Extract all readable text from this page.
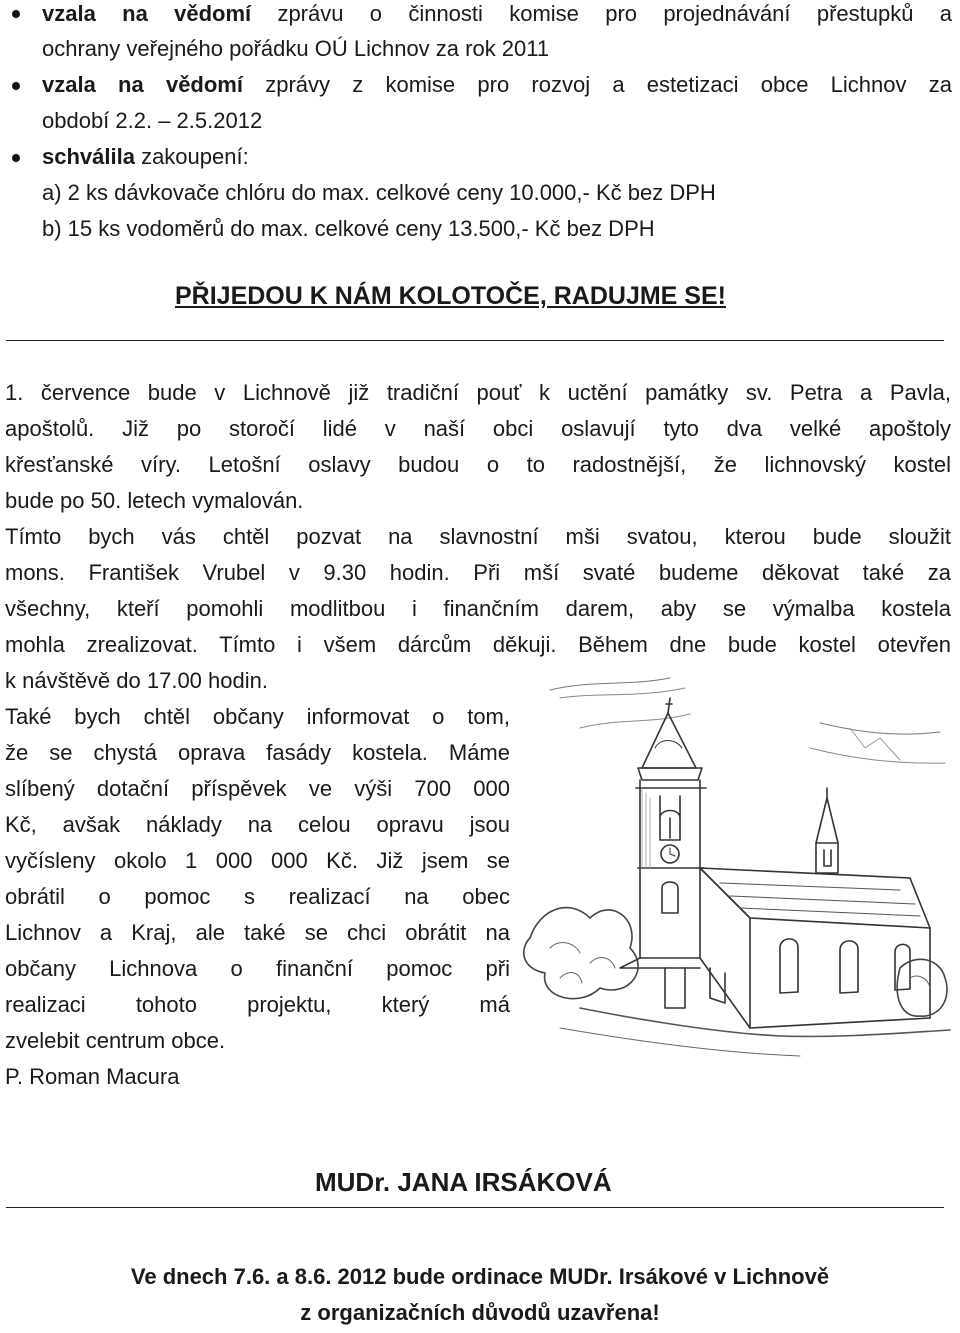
vzala na vědomí zprávu o činnosti komise pro projednávání přestupků a
ochrany veřejného pořádku OÚ Lichnov za rok 2011
vzala na vědomí zprávy z komise pro rozvoj a estetizaci obce Lichnov za
období 2.2. – 2.5.2012
schválila zakoupení:
a) 2 ks dávkovače chlóru do max. celkové ceny 10.000,- Kč bez DPH
b) 15 ks vodoměrů do max. celkové ceny 13.500,- Kč bez DPH
PŘIJEDOU K NÁM KOLOTOČE, RADUJME SE!
1. července bude v Lichnově již tradiční pouť k uctění památky sv. Petra a Pavla,
apoštolů. Již po storočí lidé v naší obci oslavují tyto dva velké apoštoly
křesťanské víry. Letošní oslavy budou o to radostnější, že lichnovský kostel
bude po 50. letech vymalován.
Tímto bych vás chtěl pozvat na slavnostní mši svatou, kterou bude sloužit
mons. František Vrubel v 9.30 hodin. Při mší svaté budeme děkovat také za
všechny, kteří pomohli modlitbou i finančním darem, aby se výmalba kostela
mohla zrealizovat. Tímto i všem dárcům děkuji. Během dne bude kostel otevřen
k návštěvě do 17.00 hodin.
Také bych chtěl občany informovat o tom,
že se chystá oprava fasády kostela. Máme
slíbený dotační příspěvek ve výši 700 000
Kč, avšak náklady na celou opravu jsou
vyčísleny okolo 1 000 000 Kč. Již jsem se
obrátil o pomoc s realizací na obec
Lichnov a Kraj, ale také se chci obrátit na
občany Lichnova o finanční pomoc při
realizaci tohoto projektu, který má
zvelebit centrum obce.
P. Roman Macura
MUDr. JANA IRSÁKOVÁ
Ve dnech 7.6. a 8.6. 2012 bude ordinace MUDr. Irsákové v Lichnově
z organizačních důvodů uzavřena!
